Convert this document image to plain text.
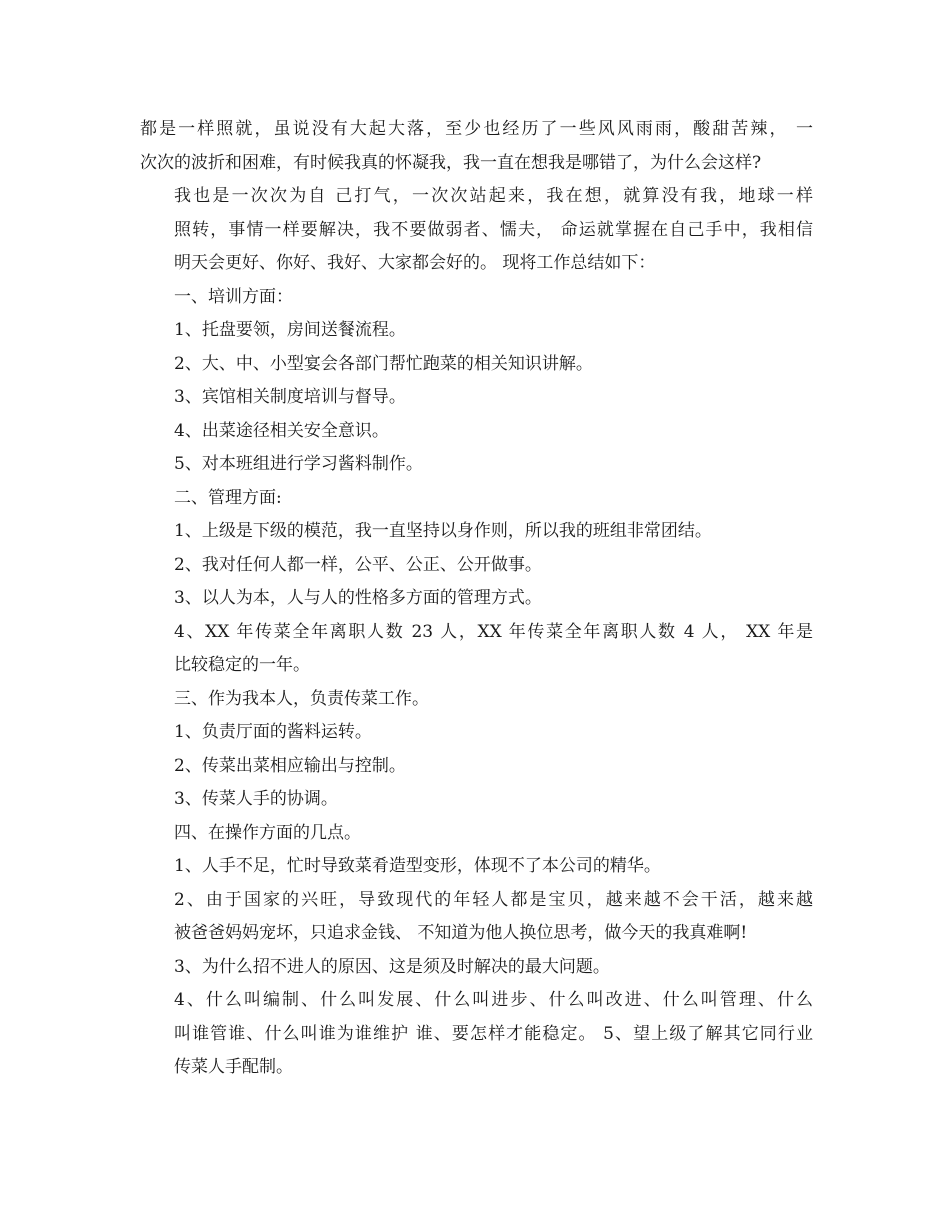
都是一样照就，虽说没有大起大落，至少也经历了一些风风雨雨，酸甜苦辣， 一
次次的波折和困难，有时候我真的怀凝我，我一直在想我是哪错了，为什么会这样?
我也是一次次为自 己打气，一次次站起来，我在想，就算没有我，地球一样
照转，事情一样要解决，我不要做弱者、懦夫， 命运就掌握在自己手中，我相信
明天会更好、你好、我好、大家都会好的。 现将工作总结如下：
一、培训方面：
1、托盘要领，房间送餐流程。
2、大、中、小型宴会各部门帮忙跑菜的相关知识讲解。
3、宾馆相关制度培训与督导。
4、出菜途径相关安全意识。
5、对本班组进行学习酱料制作。
二、管理方面:
1、上级是下级的模范，我一直坚持以身作则，所以我的班组非常团结。
2、我对任何人都一样，公平、公正、公开做事。
3、以人为本，人与人的性格多方面的管理方式。
4、XX 年传菜全年离职人数 23 人，XX 年传菜全年离职人数 4 人， XX 年是
比较稳定的一年。
三、作为我本人，负责传菜工作。
1、负责厅面的酱料运转。
2、传菜出菜相应输出与控制。
3、传菜人手的协调。
四、在操作方面的几点。
1、人手不足，忙时导致菜肴造型变形，体现不了本公司的精华。
2、由于国家的兴旺，导致现代的年轻人都是宝贝，越来越不会干活，越来越
被爸爸妈妈宠坏，只追求金钱、 不知道为他人换位思考，做今天的我真难啊!
3、为什么招不进人的原因、这是须及时解决的最大问题。
4、什么叫编制、什么叫发展、什么叫进步、什么叫改进、什么叫管理、什么
叫谁管谁、什么叫谁为谁维护 谁、要怎样才能稳定。 5、望上级了解其它同行业
传菜人手配制。
